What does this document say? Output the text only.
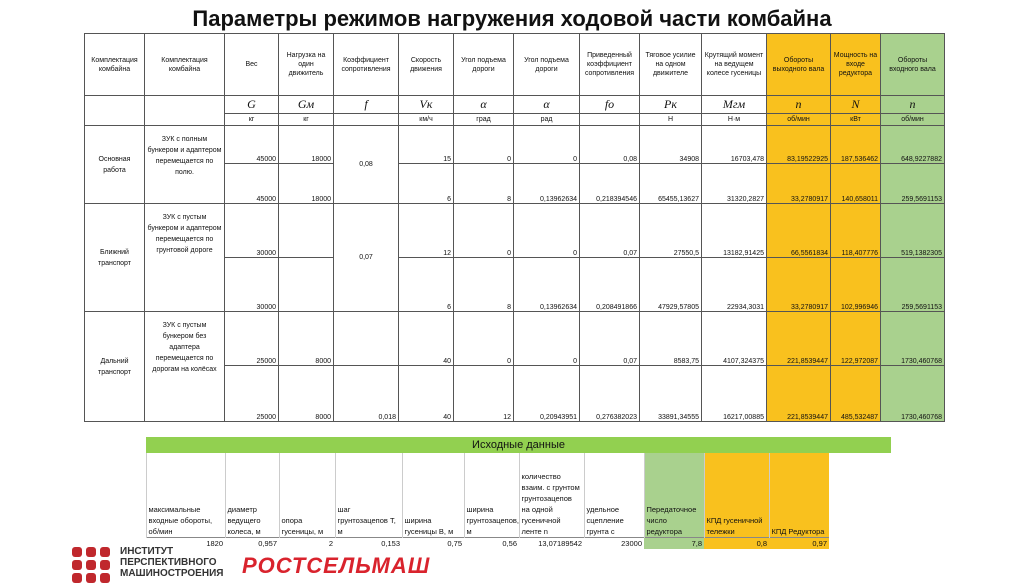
Параметры режимов нагружения ходовой части комбайна
Комплектация комбайна	Комплектация комбайна	Вес	Нагрузка на один движитель	Коэффициент сопротивления	Скорость движения	Угол подъема дороги	Угол подъема дороги	Приведенный коэффициент сопротивления	Тяговое усилие на одном движителе	Крутящий момент на ведущем колесе гусеницы	Обороты выходного вала	Мощность на входе редуктора	Обороты входного вала
		G	Gм	f	Vк	α	α	fо	Pк	Mгм	n	N	n
		кг	кг		км/ч	град	рад		Н	Н·м	об/мин	кВт	об/мин
Основная работа	ЗУК с полным бункером и адаптером перемещается по полю.	45000	18000	0,08	15	0	0	0,08	34908	16703,478	83,19522925	187,536462	648,9227882
		45000	18000		6	8	0,13962634	0,218394546	65455,13627	31320,2827	33,2780917	140,658011	259,5691153
Ближний транспорт	ЗУК с пустым бункером и адаптером перемещается по грунтовой дороге	30000		0,07	12	0	0	0,07	27550,5	13182,91425	66,5561834	118,407776	519,1382305
		30000			6	8	0,13962634	0,208491866	47929,57805	22934,3031	33,2780917	102,996946	259,5691153
Дальний транспорт	ЗУК с пустым бункером без адаптера перемещается по дорогам на колёсах	25000	8000		40	0	0	0,07	8583,75	4107,324375	221,8539447	122,972087	1730,460768
		25000	8000	0,018	40	12	0,20943951	0,276382023	33891,34555	16217,00885	221,8539447	485,532487	1730,460768
	Исходные данные												
	максимальные входные обороты, об/мин	диаметр ведущего колеса, м	опора гусеницы, м	шаг грунтозацепов Т, м	ширина гусеницы В, м	ширина грунтозацепов, м	количество взаим. с грунтом грунтозацепов на одной гусеничной ленте n	удельное сцепление грунта с	Передаточное число редуктора	КПД гусеничной тележки	КПД Редуктора		
	1820	0,957	2	0,153	0,75	0,56	13,07189542	23000	7,8	0,8	0,97		
ИНСТИТУТ
ПЕРСПЕКТИВНОГО
МАШИНОСТРОЕНИЯ РОСТСЕЛЬМАШ
